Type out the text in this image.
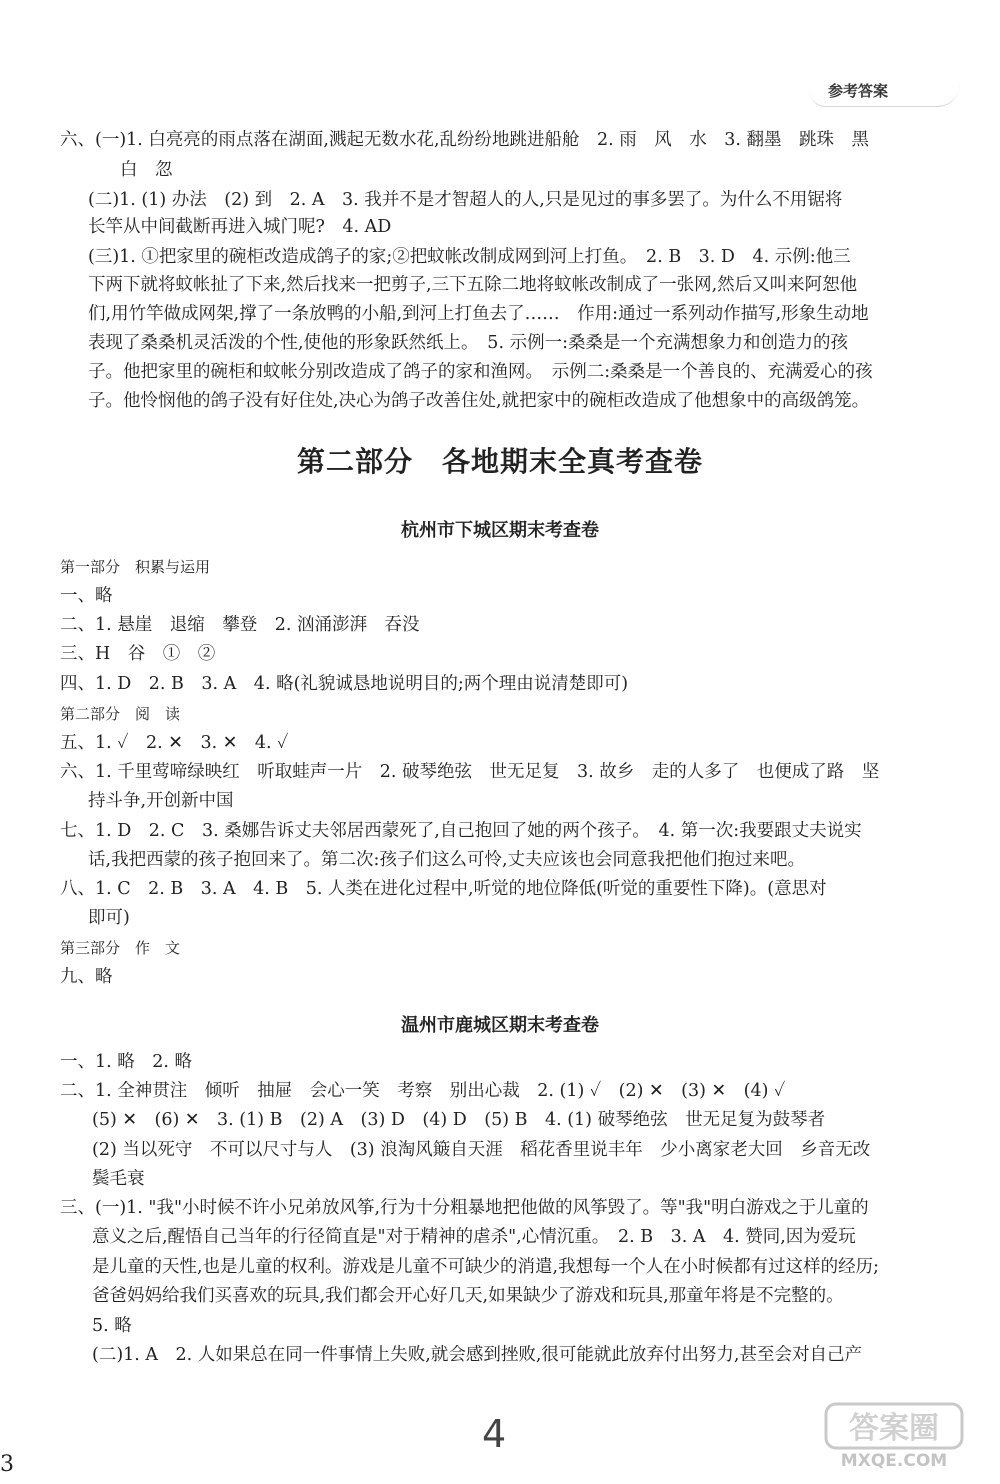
参考答案
六、(一)1. 白亮亮的雨点落在湖面,溅起无数水花,乱纷纷地跳进船舱　2. 雨　风　水　3. 翻墨　跳珠　黑
白　忽
(二)1. (1) 办法　(2) 到　2. A　3. 我并不是才智超人的人,只是见过的事多罢了。为什么不用锯将
长竿从中间截断再进入城门呢?　4. AD
(三)1. ①把家里的碗柜改造成鸽子的家;②把蚊帐改制成网到河上打鱼。　2. B　3. D　4. 示例:他三
下两下就将蚊帐扯了下来,然后找来一把剪子,三下五除二地将蚊帐改制成了一张网,然后又叫来阿恕他
们,用竹竿做成网架,撑了一条放鸭的小船,到河上打鱼去了……　作用:通过一系列动作描写,形象生动地
表现了桑桑机灵活泼的个性,使他的形象跃然纸上。　5. 示例一:桑桑是一个充满想象力和创造力的孩
子。他把家里的碗柜和蚊帐分别改造成了鸽子的家和渔网。　示例二:桑桑是一个善良的、充满爱心的孩
子。他怜悯他的鸽子没有好住处,决心为鸽子改善住处,就把家中的碗柜改造成了他想象中的高级鸽笼。
第二部分　各地期末全真考查卷
杭州市下城区期末考查卷
第一部分　积累与运用
一、略
二、1. 悬崖　退缩　攀登　2. 汹涌澎湃　吞没
三、H　谷　①　②
四、1. D　2. B　3. A　4. 略(礼貌诚恳地说明目的;两个理由说清楚即可)
第二部分　阅　读
五、1. ✓　2. ✕　3. ✕　4. ✓
六、1. 千里莺啼绿映红　听取蛙声一片　2. 破琴绝弦　世无足复　3. 故乡　走的人多了　也便成了路　坚
持斗争,开创新中国
七、1. D　2. C　3. 桑娜告诉丈夫邻居西蒙死了,自己抱回了她的两个孩子。　4. 第一次:我要跟丈夫说实
话,我把西蒙的孩子抱回来了。第二次:孩子们这么可怜,丈夫应该也会同意我把他们抱过来吧。
八、1. C　2. B　3. A　4. B　5. 人类在进化过程中,听觉的地位降低(听觉的重要性下降)。(意思对
即可)
第三部分　作　文
九、略
温州市鹿城区期末考查卷
一、1. 略　2. 略
二、1. 全神贯注　倾听　抽屉　会心一笑　考察　别出心裁　2. (1) ✓　(2) ✕　(3) ✕　(4) ✓
(5) ✕　(6) ✕　3. (1) B　(2) A　(3) D　(4) D　(5) B　4. (1) 破琴绝弦　世无足复为鼓琴者
(2) 当以死守　不可以尺寸与人　(3) 浪淘风簸自天涯　稻花香里说丰年　少小离家老大回　乡音无改
鬓毛衰
三、(一)1. "我"小时候不许小兄弟放风筝,行为十分粗暴地把他做的风筝毁了。等"我"明白游戏之于儿童的
意义之后,醒悟自己当年的行径简直是"对于精神的虐杀",心情沉重。　2. B　3. A　4. 赞同,因为爱玩
是儿童的天性,也是儿童的权利。游戏是儿童不可缺少的消遣,我想每一个人在小时候都有过这样的经历;
爸爸妈妈给我们买喜欢的玩具,我们都会开心好几天,如果缺少了游戏和玩具,那童年将是不完整的。
5. 略
(二)1. A　2. 人如果总在同一件事情上失败,就会感到挫败,很可能就此放弃付出努力,甚至会对自己产
3
4	答案圈
MXQE.COM
